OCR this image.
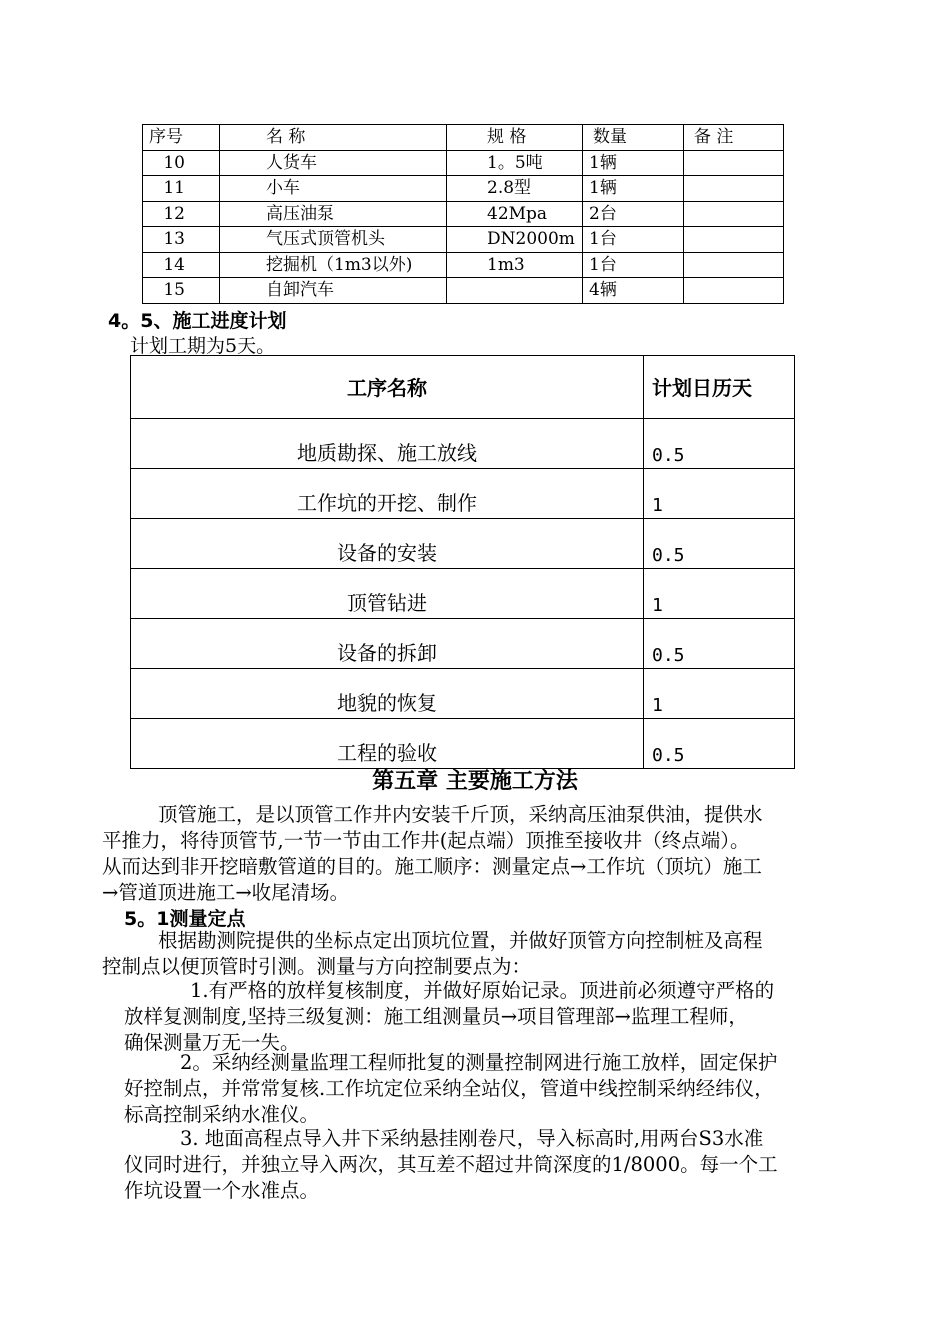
序号	名 称	规 格	数量	备 注
10	人货车	1。5吨	1辆	
11	小车	2.8型	1辆	
12	高压油泵	42Mpa	2台	
13	气压式顶管机头	DN2000m	1台	
14	挖掘机（1m3以外)	1m3	1台	
15	自卸汽车		4辆	
4。5、施工进度计划
计划工期为5天。
工序名称	计划日历天
地质勘探、施工放线	0.5
工作坑的开挖、制作	1
设备的安装	0.5
顶管钻进	1
设备的拆卸	0.5
地貌的恢复	1
工程的验收	0.5
第五章 主要施工方法
顶管施工，是以顶管工作井内安装千斤顶，采纳高压油泵供油，提供水
平推力，将待顶管节,一节一节由工作井(起点端）顶推至接收井（终点端）。
从而达到非开挖暗敷管道的目的。施工顺序：测量定点→工作坑（顶坑）施工
→管道顶进施工→收尾清场。
5。1测量定点
根据勘测院提供的坐标点定出顶坑位置，并做好顶管方向控制桩及高程
控制点以便顶管时引测。测量与方向控制要点为：
1.有严格的放样复核制度，并做好原始记录。顶进前必须遵守严格的
放样复测制度,坚持三级复测：施工组测量员→项目管理部→监理工程师，
确保测量万无一失。
2。采纳经测量监理工程师批复的测量控制网进行施工放样，固定保护
好控制点，并常常复核.工作坑定位采纳全站仪，管道中线控制采纳经纬仪，
标高控制采纳水准仪。
3. 地面高程点导入井下采纳悬挂刚卷尺，导入标高时,用两台S3水准
仪同时进行，并独立导入两次，其互差不超过井筒深度的1/8000。每一个工
作坑设置一个水准点。
